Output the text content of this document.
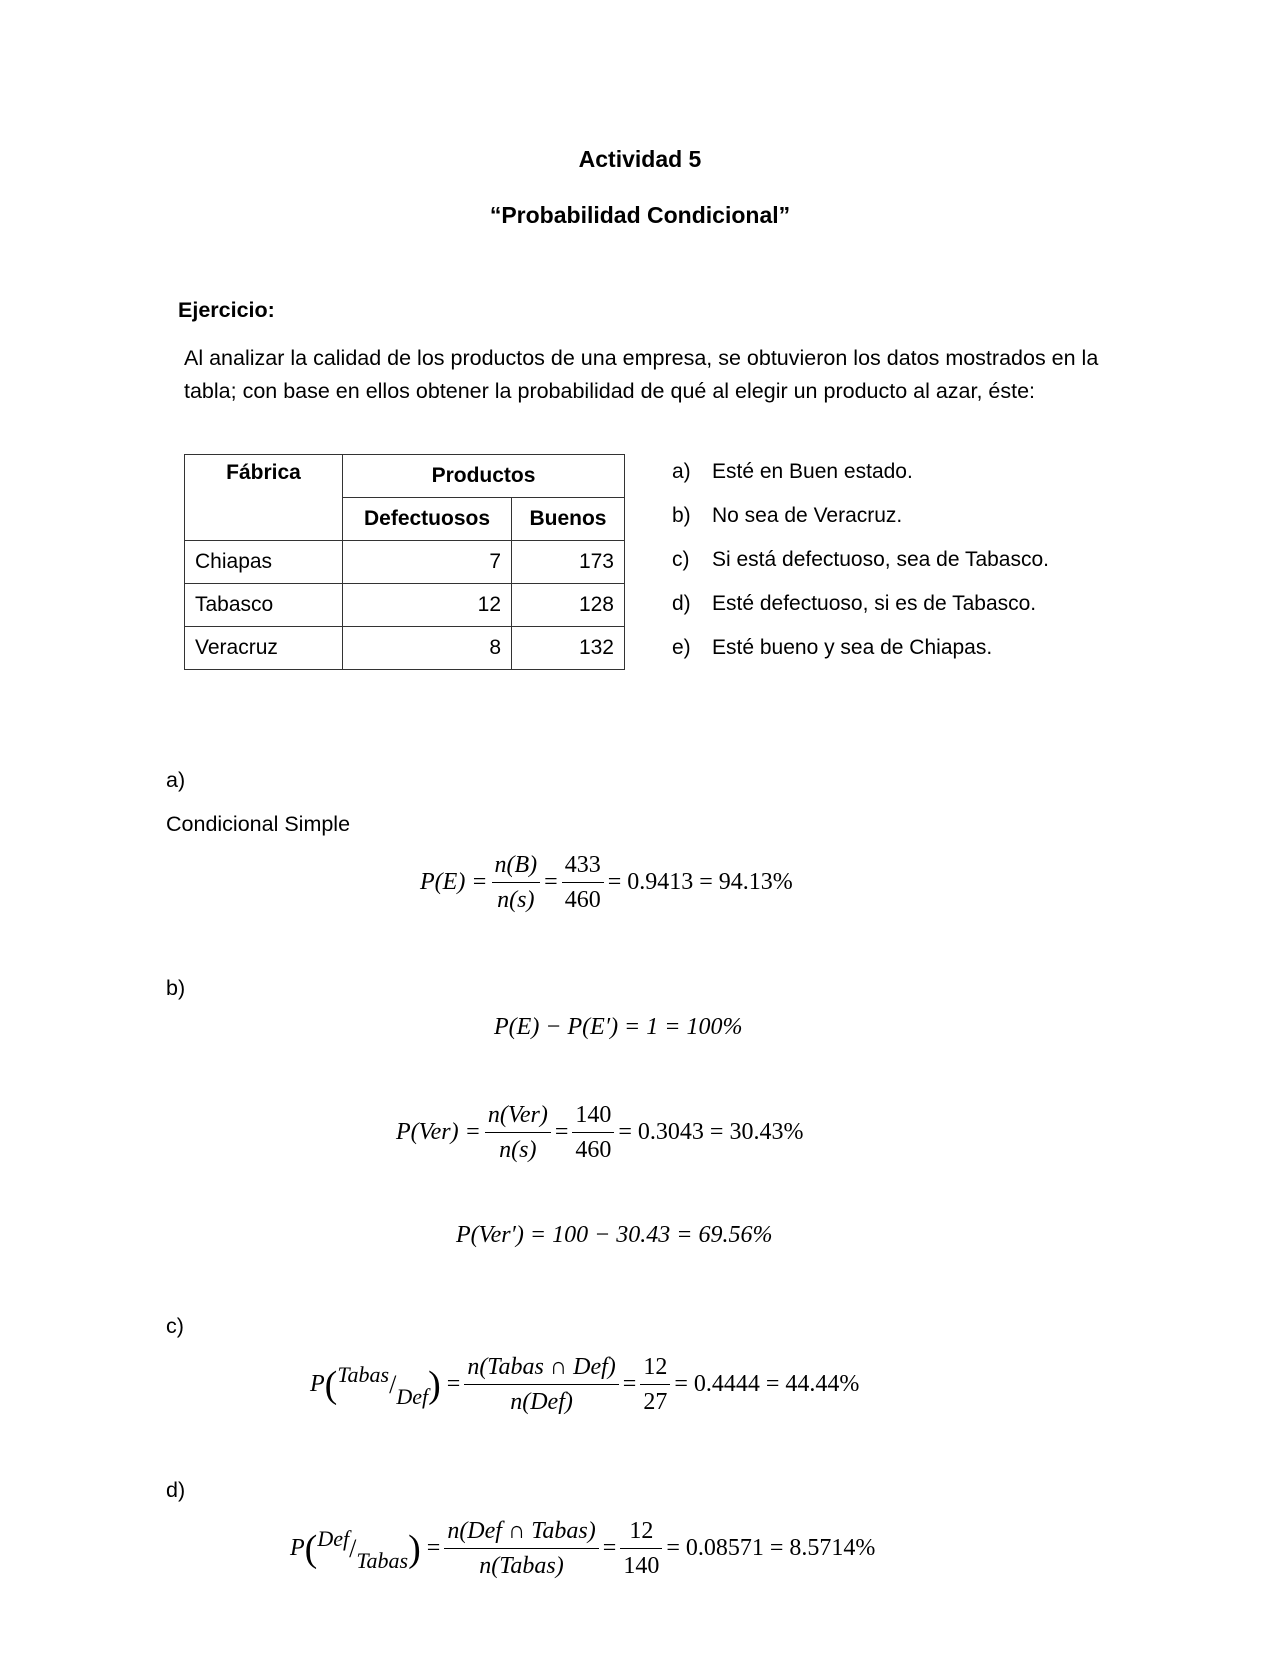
Actividad 5
“Probabilidad Condicional”
Ejercicio:
Al analizar la calidad de los productos de una empresa, se obtuvieron los datos mostrados en la tabla; con base en ellos obtener la probabilidad de qué al elegir un producto al azar, éste:
Fábrica	Productos	
	Defectuosos	Buenos
Chiapas	7	173
Tabasco	12	128
Veracruz	8	132
a)	Esté en Buen estado.
b)	No sea de Veracruz.
c)	Si está defectuoso, sea de Tabasco.
d)	Esté defectuoso, si es de Tabasco.
e)	Esté bueno y sea de Chiapas.
a)
Condicional Simple
$P(E) = \frac{n(B)}{n(s)} = \frac{433}{460} = 0.9413 = 94.13\%$
b)
P(E) − P(E′) = 1 = 100%
$P(Ver) = \frac{\text{n(Ver)}}{n(s)} = \frac{140}{460} = 0.3043 = 30.43\%$
P(Ver′) = 100 − 30.43 = 69.56%
c)
P ( Tabas / Def ) = $\frac{\text{n(Tabas ∩ Def)}}{\text{n(Def)}} = \frac{12}{27} = 0.4444 = 44.44\%$
d)
P ( Def / Tabas ) = $\frac{\text{n(Def ∩ Tabas)}}{\text{n(Tabas)}} = \frac{12}{140} = 0.08571 = 8.5714\%$
